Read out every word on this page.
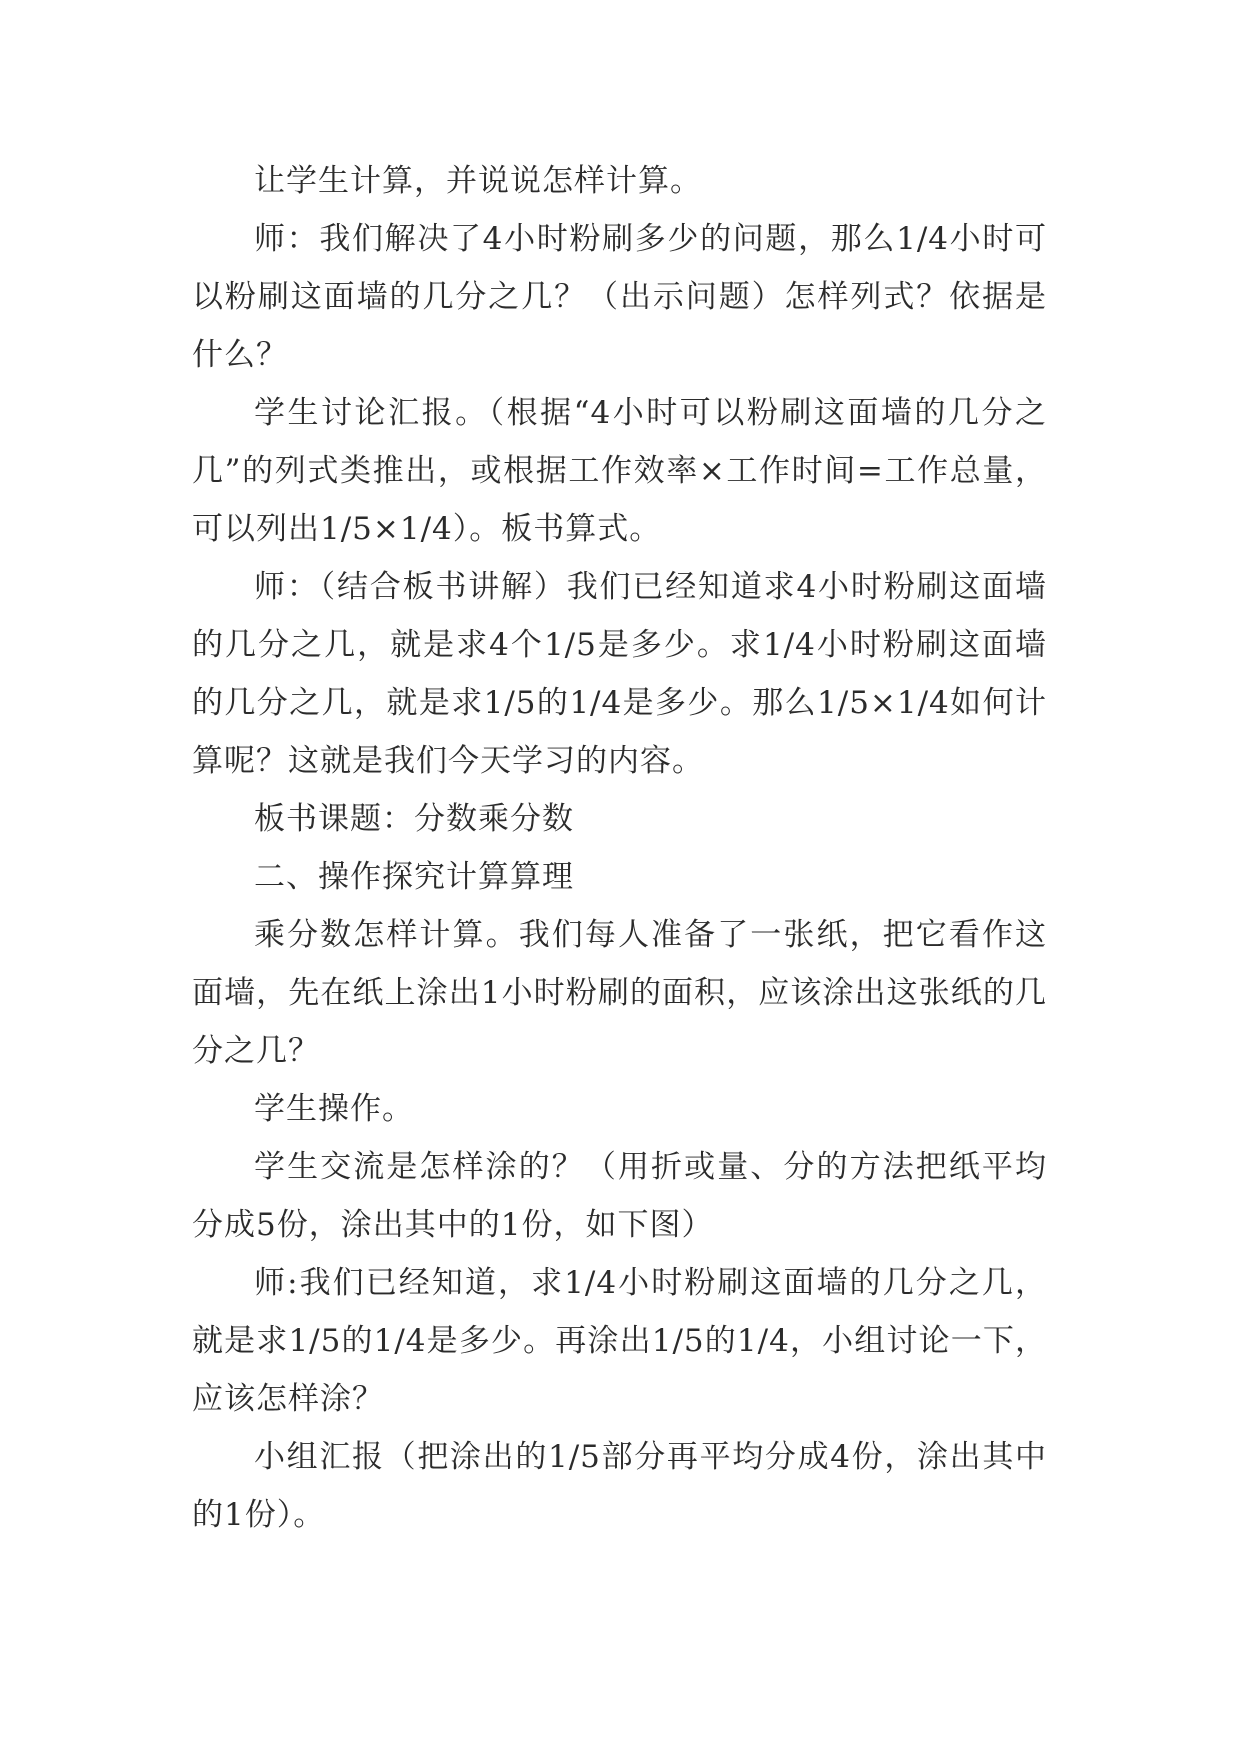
让学生计算，并说说怎样计算。

师：我们解决了4小时粉刷多少的问题，那么1/4小时可以粉刷这面墙的几分之几？（出示问题）怎样列式？依据是什么？

学生讨论汇报。（根据“4小时可以粉刷这面墙的几分之几”的列式类推出，或根据工作效率×工作时间=工作总量，可以列出1/5×1/4）。板书算式。

师：（结合板书讲解）我们已经知道求4小时粉刷这面墙的几分之几，就是求4个1/5是多少。求1/4小时粉刷这面墙的几分之几，就是求1/5的1/4是多少。那么1/5×1/4如何计算呢？这就是我们今天学习的内容。

板书课题：分数乘分数

二、操作探究计算算理

乘分数怎样计算。我们每人准备了一张纸，把它看作这面墙，先在纸上涂出1小时粉刷的面积，应该涂出这张纸的几分之几？

学生操作。

学生交流是怎样涂的？（用折或量、分的方法把纸平均分成5份，涂出其中的1份，如下图）

师:我们已经知道，求1/4小时粉刷这面墙的几分之几，就是求1/5的1/4是多少。再涂出1/5的1/4，小组讨论一下，应该怎样涂？

小组汇报（把涂出的1/5部分再平均分成4份，涂出其中的1份）。
